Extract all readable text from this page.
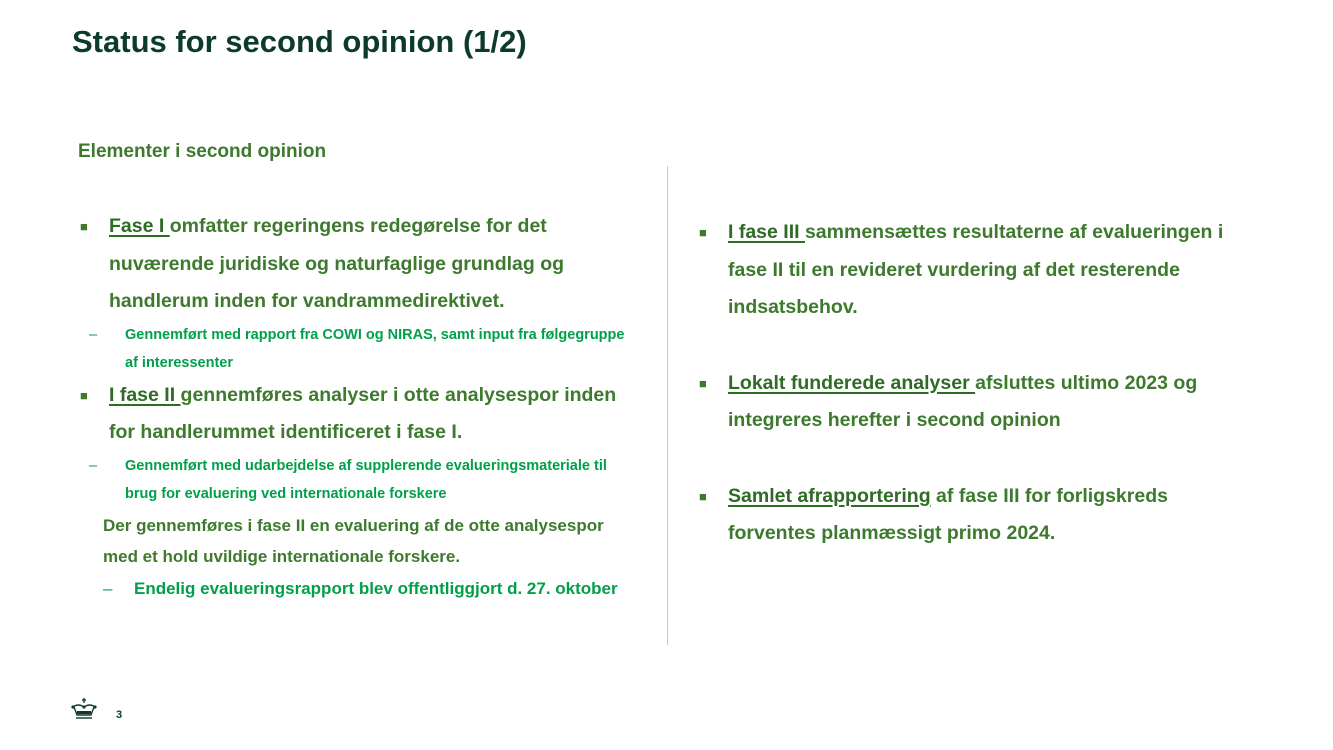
Status for second opinion (1/2)
Elementer i second opinion
■ Fase I omfatter regeringens redegørelse for det nuværende juridiske og naturfaglige grundlag og handlerum inden for vandrammedirektivet.
– Gennemført med rapport fra COWI og NIRAS, samt input fra følgegruppe af interessenter
■ I fase II gennemføres analyser i otte analysespor inden for handlerummet identificeret i fase I.
– Gennemført med udarbejdelse af supplerende evalueringsmateriale til brug for evaluering ved internationale forskere
Der gennemføres i fase II en evaluering af de otte analysespor med et hold uvildige internationale forskere.
– Endelig evalueringsrapport blev offentliggjort d. 27. oktober
■ I fase III sammensættes resultaterne af evalueringen i fase II til en revideret vurdering af det resterende indsatsbehov.
■ Lokalt funderede analyser afsluttes ultimo 2023 og integreres herefter i second opinion
■ Samlet afrapportering af fase III for forligskreds forventes planmæssigt primo 2024.
3
